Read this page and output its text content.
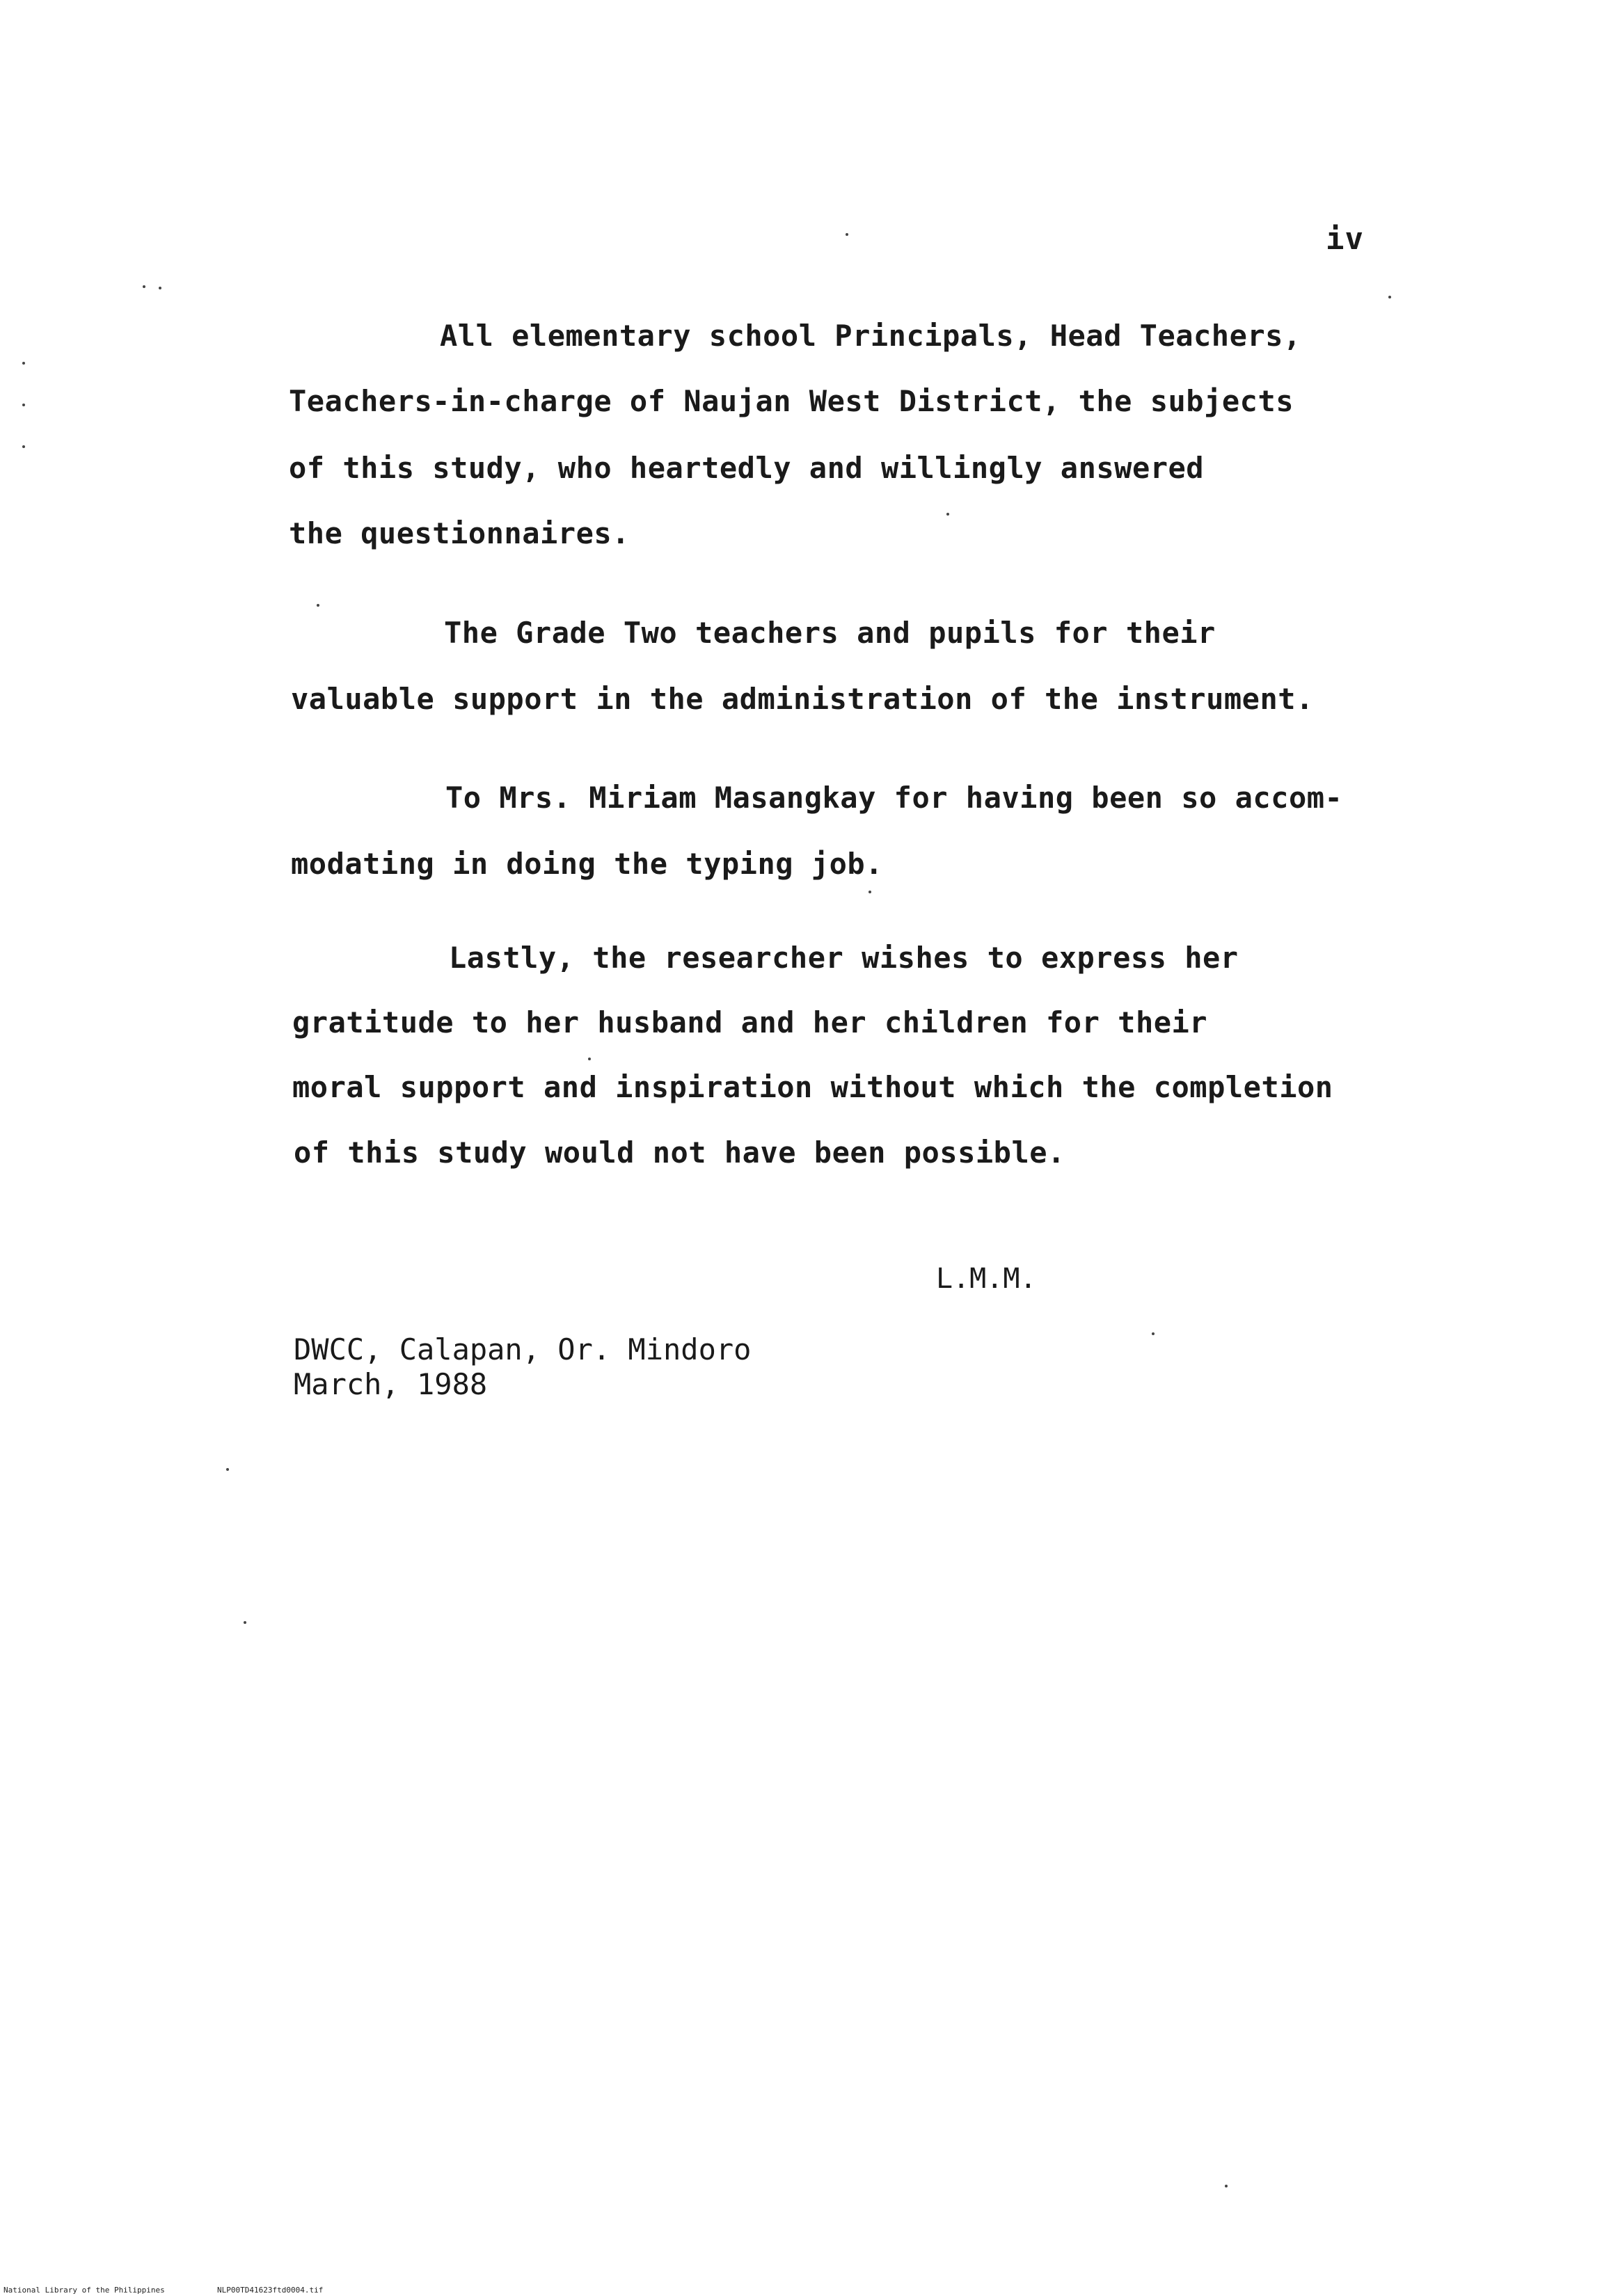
iv
All elementary school Principals, Head Teachers,
Teachers-in-charge of Naujan West District, the subjects
of this study, who heartedly and willingly answered
the questionnaires.
The Grade Two teachers and pupils for their
valuable support in the administration of the instrument.
To Mrs. Miriam Masangkay for having been so accom-
modating in doing the typing job.
Lastly, the researcher wishes to express her
gratitude to her husband and her children for their
moral support and inspiration without which the completion
of this study would not have been possible.
L.M.M.
DWCC, Calapan, Or. Mindoro
March, 1988
National Library of the Philippines	NLP00TD41623ftd0004.tif
